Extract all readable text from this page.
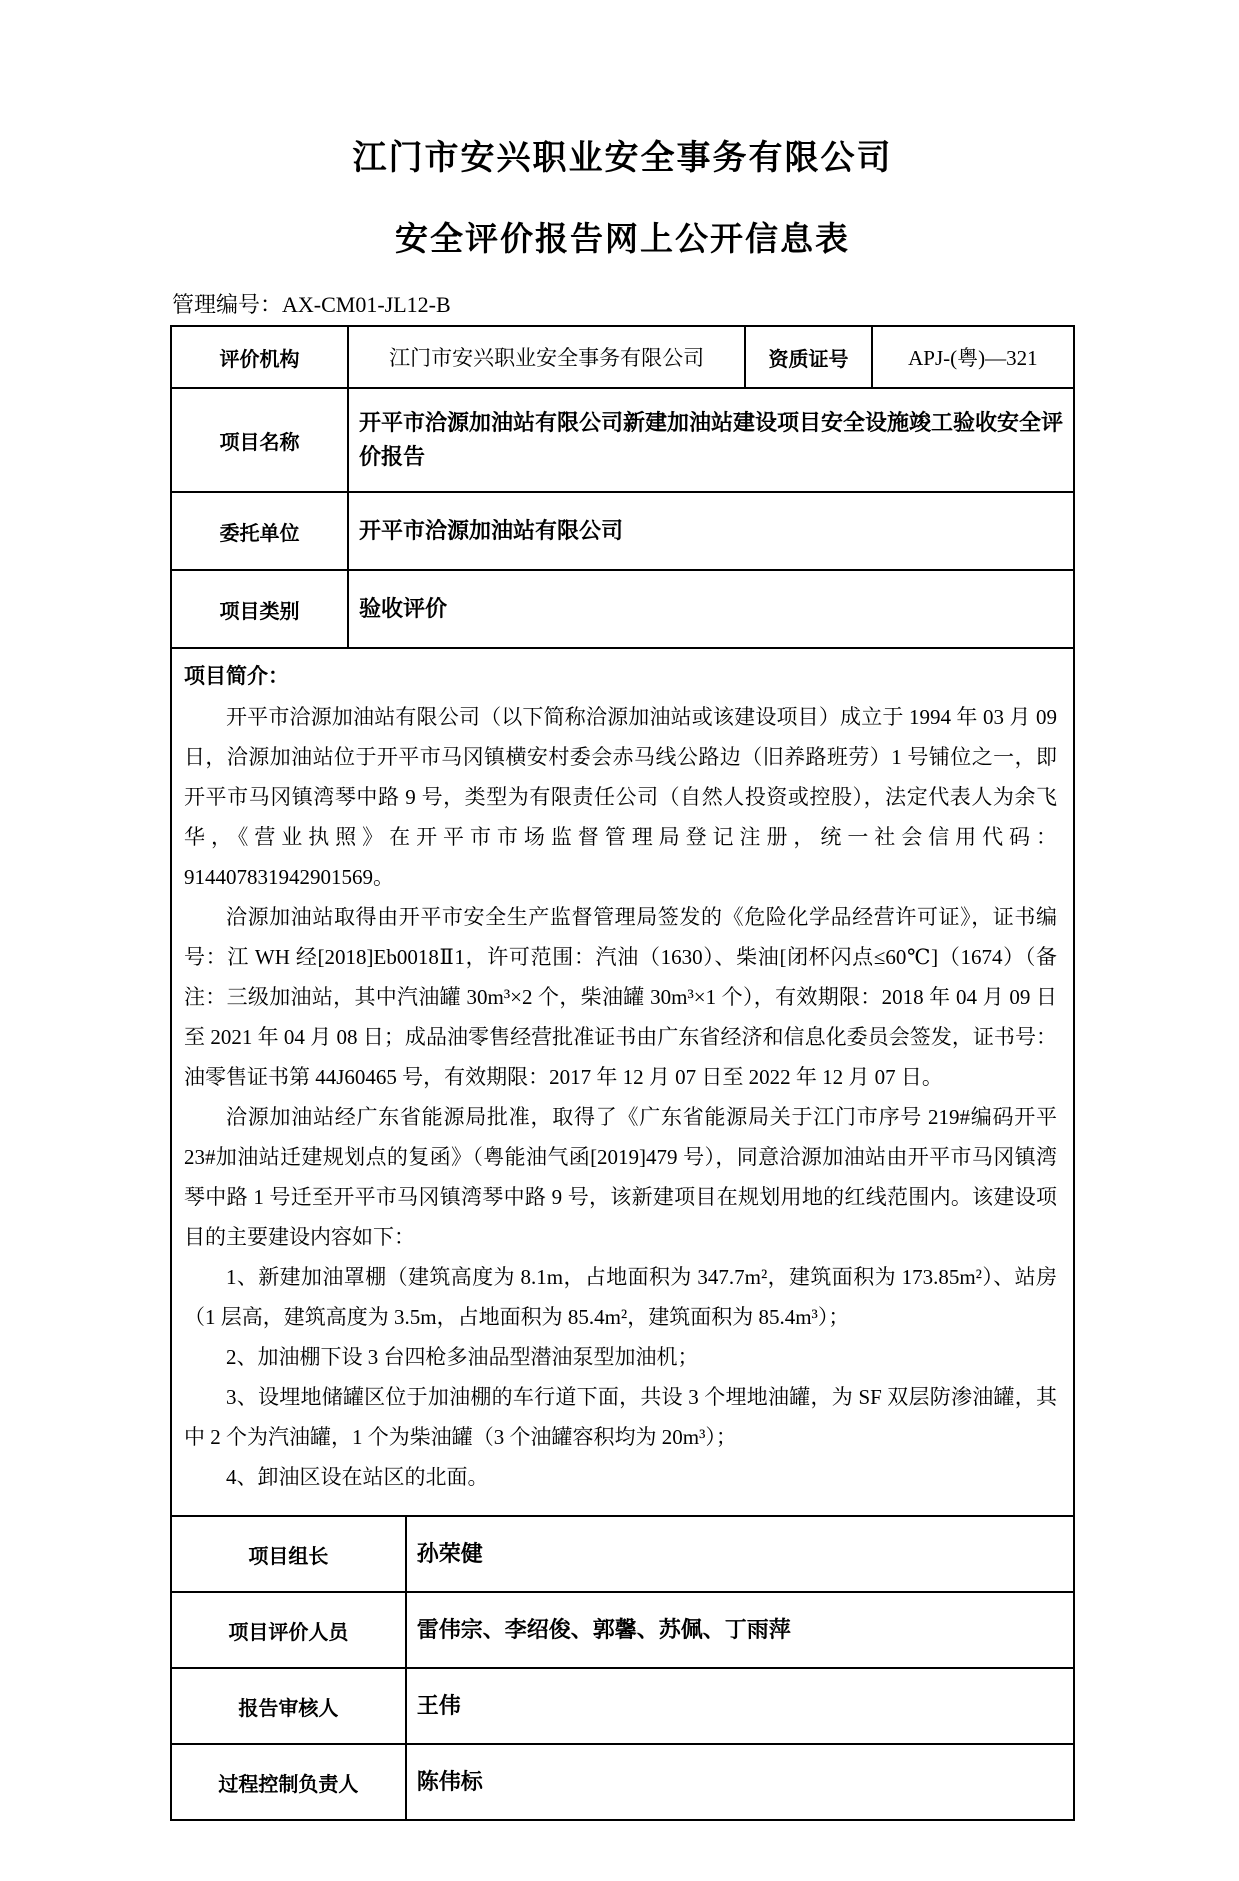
江门市安兴职业安全事务有限公司
安全评价报告网上公开信息表
管理编号：AX-CM01-JL12-B
评价机构	江门市安兴职业安全事务有限公司	资质证号	APJ-(粤)—321
项目名称	开平市洽源加油站有限公司新建加油站建设项目安全设施竣工验收安全评价报告		
委托单位	开平市洽源加油站有限公司		
项目类别	验收评价		
项目简介：

开平市洽源加油站有限公司（以下简称洽源加油站或该建设项目）成立于 1994 年 03 月 09 日，洽源加油站位于开平市马冈镇横安村委会赤马线公路边（旧养路班劳）1 号铺位之一，即开平市马冈镇湾琴中路 9 号，类型为有限责任公司（自然人投资或控股），法定代表人为余飞华，《营业执照》在开平市市场监督管理局登记注册，统一社会信用代码：914407831942901569。

洽源加油站取得由开平市安全生产监督管理局签发的《危险化学品经营许可证》，证书编号：江 WH 经[2018]Eb0018Ⅱ1，许可范围：汽油（1630）、柴油[闭杯闪点≤60℃]（1674）（备注：三级加油站，其中汽油罐 30m³×2 个，柴油罐 30m³×1 个），有效期限：2018 年 04 月 09 日至 2021 年 04 月 08 日；成品油零售经营批准证书由广东省经济和信息化委员会签发，证书号：油零售证书第 44J60465 号，有效期限：2017 年 12 月 07 日至 2022 年 12 月 07 日。

洽源加油站经广东省能源局批准，取得了《广东省能源局关于江门市序号 219#编码开平 23#加油站迁建规划点的复函》（粤能油气函[2019]479 号），同意洽源加油站由开平市马冈镇湾琴中路 1 号迁至开平市马冈镇湾琴中路 9 号，该新建项目在规划用地的红线范围内。该建设项目的主要建设内容如下：

1、新建加油罩棚（建筑高度为 8.1m，占地面积为 347.7m²，建筑面积为 173.85m²）、站房（1 层高，建筑高度为 3.5m，占地面积为 85.4m²，建筑面积为 85.4m³）；

2、加油棚下设 3 台四枪多油品型潜油泵型加油机；

3、设埋地储罐区位于加油棚的车行道下面，共设 3 个埋地油罐，为 SF 双层防渗油罐，其中 2 个为汽油罐，1 个为柴油罐（3 个油罐容积均为 20m³）；

4、卸油区设在站区的北面。

项目组长	孙荣健
项目评价人员	雷伟宗、李绍俊、郭馨、苏佩、丁雨萍
报告审核人	王伟
过程控制负责人	陈伟标
